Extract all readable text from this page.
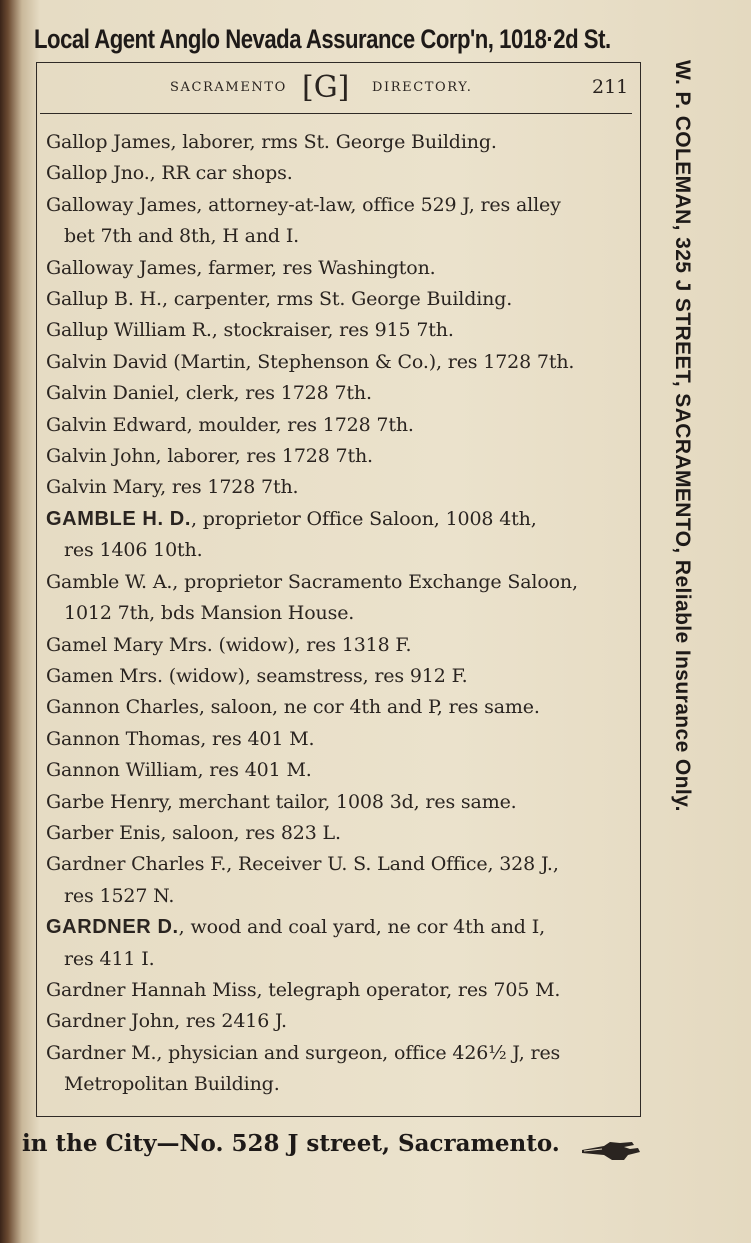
Local Agent Anglo Nevada Assurance Corp'n, 1018·2d St.
SACRAMENTO [G] DIRECTORY.	211
Gallop James, laborer, rms St. George Building.
Gallop Jno., RR car shops.
Galloway James, attorney-at-law, office 529 J, res alley
bet 7th and 8th, H and I.
Galloway James, farmer, res Washington.
Gallup B. H., carpenter, rms St. George Building.
Gallup William R., stockraiser, res 915 7th.
Galvin David (Martin, Stephenson & Co.), res 1728 7th.
Galvin Daniel, clerk, res 1728 7th.
Galvin Edward, moulder, res 1728 7th.
Galvin John, laborer, res 1728 7th.
Galvin Mary, res 1728 7th.
GAMBLE H. D., proprietor Office Saloon, 1008 4th,
res 1406 10th.
Gamble W. A., proprietor Sacramento Exchange Saloon,
1012 7th, bds Mansion House.
Gamel Mary Mrs. (widow), res 1318 F.
Gamen Mrs. (widow), seamstress, res 912 F.
Gannon Charles, saloon, ne cor 4th and P, res same.
Gannon Thomas, res 401 M.
Gannon William, res 401 M.
Garbe Henry, merchant tailor, 1008 3d, res same.
Garber Enis, saloon, res 823 L.
Gardner Charles F., Receiver U. S. Land Office, 328 J.,
res 1527 N.
GARDNER D., wood and coal yard, ne cor 4th and I,
res 411 I.
Gardner Hannah Miss, telegraph operator, res 705 M.
Gardner John, res 2416 J.
Gardner M., physician and surgeon, office 426½ J, res
Metropolitan Building.
W. P. COLEMAN, 325 J STREET, SACRAMENTO, Reliable Insurance Only.
in the City—No. 528 J street, Sacramento.
